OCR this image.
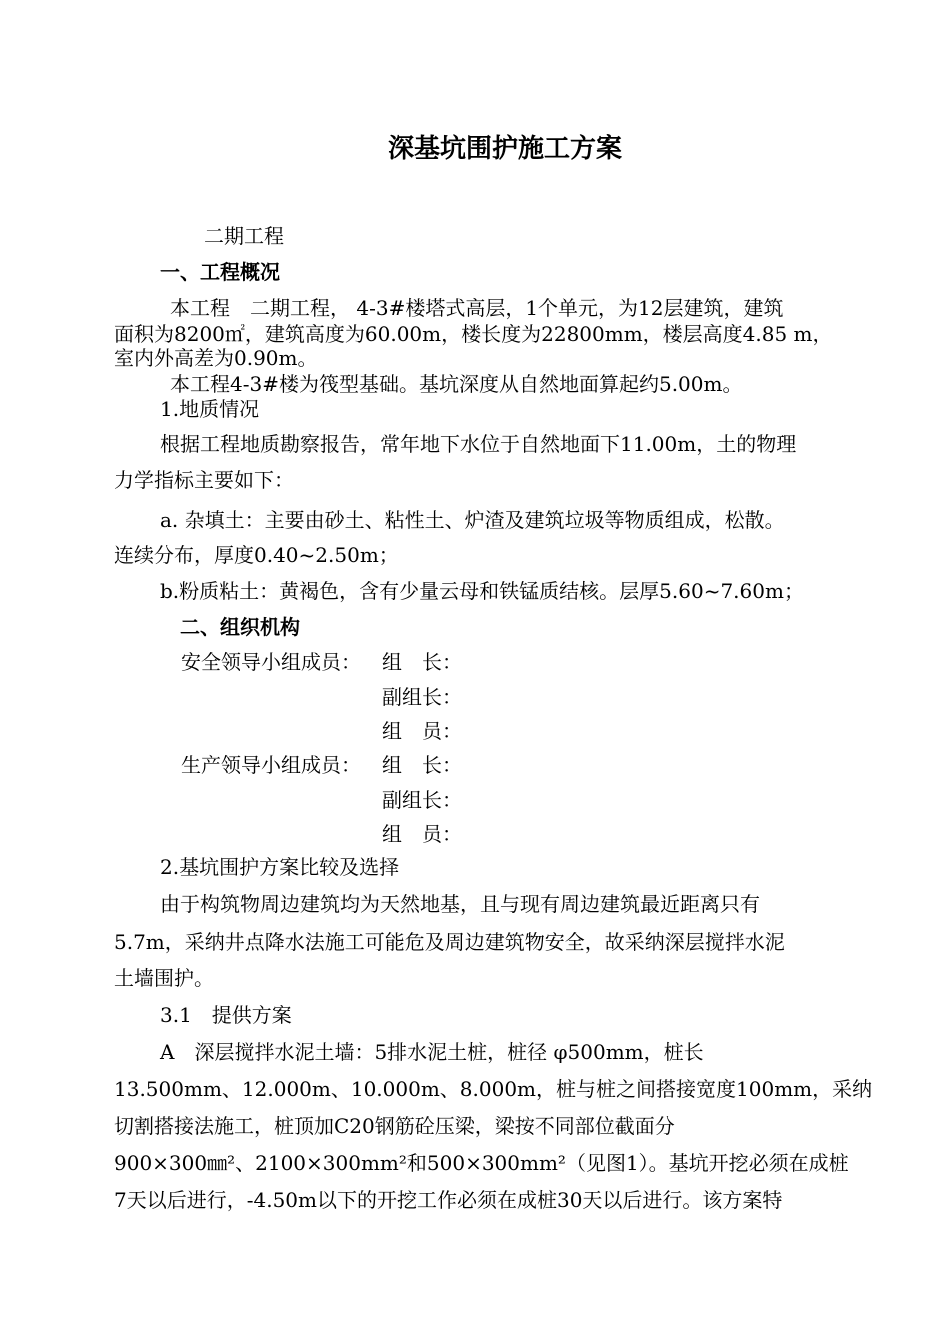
深基坑围护施工方案
二期工程
一、工程概况
本工程　二期工程， 4-3#楼塔式高层，1个单元，为12层建筑，建筑
面积为8200㎡，建筑高度为60.00m，楼长度为22800mm，楼层高度4.85 m，
室内外高差为0.90m。
本工程4-3#楼为筏型基础。基坑深度从自然地面算起约5.00m。
1.地质情况
根据工程地质勘察报告，常年地下水位于自然地面下11.00m，土的物理
力学指标主要如下：
a. 杂填土：主要由砂土、粘性土、炉渣及建筑垃圾等物质组成，松散。
连续分布，厚度0.40~2.50m；
b.粉质粘土：黄褐色，含有少量云母和铁锰质结核。层厚5.60~7.60m；
二、组织机构
安全领导小组成员： 组　长：
副组长：
组　员：
生产领导小组成员： 组　长：
副组长：
组　员：
2.基坑围护方案比较及选择
由于构筑物周边建筑均为天然地基，且与现有周边建筑最近距离只有
5.7m，采纳井点降水法施工可能危及周边建筑物安全，故采纳深层搅拌水泥
土墙围护。
3.1　提供方案
A　深层搅拌水泥土墙：5排水泥土桩，桩径 φ500mm，桩长
13.500mm、12.000m、10.000m、8.000m，桩与桩之间搭接宽度100mm，采纳
切割搭接法施工，桩顶加C20钢筋砼压梁，梁按不同部位截面分
900×300㎜²、2100×300mm²和500×300mm²（见图1）。基坑开挖必须在成桩
7天以后进行，-4.50m以下的开挖工作必须在成桩30天以后进行。该方案特
